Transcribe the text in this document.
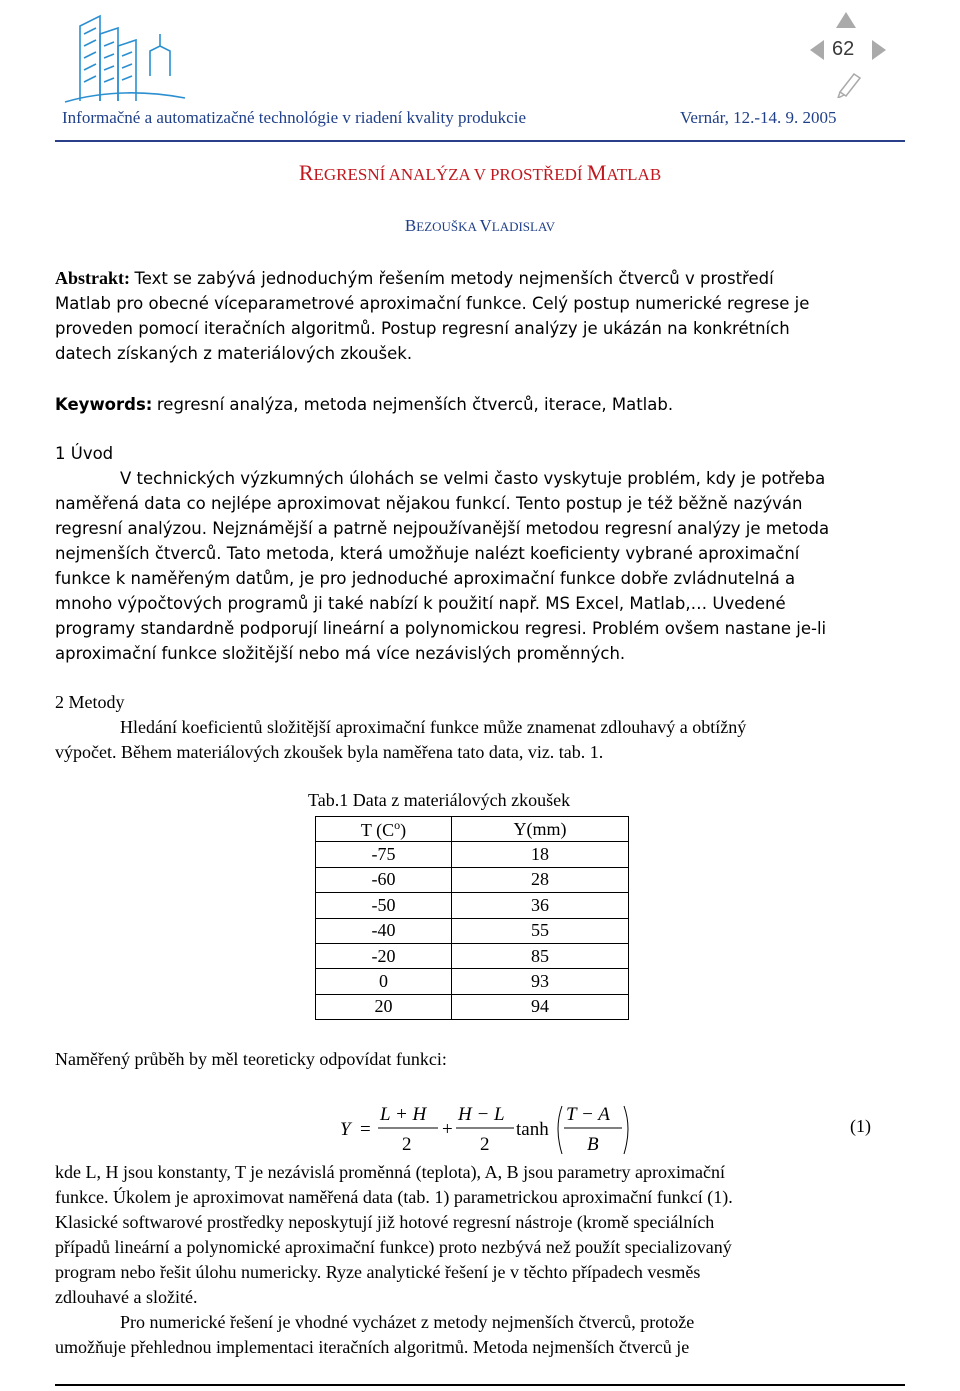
62
Informačné a automatizačné technológie v riadení kvality produkcie	Vernár, 12.-14. 9. 2005
REGRESNÍ ANALÝZA V PROSTŘEDÍ MATLAB
BEZOUŠKA VLADISLAV
Abstrakt: Text se zabývá jednoduchým řešením metody nejmenších čtverců v prostředí
Matlab pro obecné víceparametrové aproximační funkce. Celý postup numerické regrese je
proveden pomocí iteračních algoritmů. Postup regresní analýzy je ukázán na konkrétních
datech získaných z materiálových zkoušek.
Keywords: regresní analýza, metoda nejmenších čtverců, iterace, Matlab.
1 Úvod
V technických výzkumných úlohách se velmi často vyskytuje problém, kdy je potřeba
naměřená data co nejlépe aproximovat nějakou funkcí. Tento postup je též běžně nazýván
regresní analýzou. Nejznámější a patrně nejpoužívanější metodou regresní analýzy je metoda
nejmenších čtverců. Tato metoda, která umožňuje nalézt koeficienty vybrané aproximační
funkce k naměřeným datům, je pro jednoduché aproximační funkce dobře zvládnutelná a
mnoho výpočtových programů ji také nabízí k použití např. MS Excel, Matlab,… Uvedené
programy standardně podporují lineární a polynomickou regresi. Problém ovšem nastane je-li
aproximační funkce složitější nebo má více nezávislých proměnných.
2 Metody
Hledání koeficientů složitější aproximační funkce může znamenat zdlouhavý a obtížný
výpočet. Během materiálových zkoušek byla naměřena tato data, viz. tab. 1.
Tab.1 Data z materiálových zkoušek
T $(C^o)$	Y(mm)
-75	18
-60	28
-50	36
-40	55
-20	85
0	93
20	94
Naměřený průběh by měl teoreticky odpovídat funkci:
Y =
L + H
2
+
H − L
2
tanh
T − A
B
(1)
kde L, H jsou konstanty, T je nezávislá proměnná (teplota), A, B jsou parametry aproximační
funkce. Úkolem je aproximovat naměřená data (tab. 1) parametrickou aproximační funkcí (1).
Klasické softwarové prostředky neposkytují již hotové regresní nástroje (kromě speciálních
případů lineární a polynomické aproximační funkce) proto nezbývá než použít specializovaný
program nebo řešit úlohu numericky. Ryze analytické řešení je v těchto případech vesměs
zdlouhavé a složité.
Pro numerické řešení je vhodné vycházet z metody nejmenších čtverců, protože
umožňuje přehlednou implementaci iteračních algoritmů. Metoda nejmenších čtverců je
